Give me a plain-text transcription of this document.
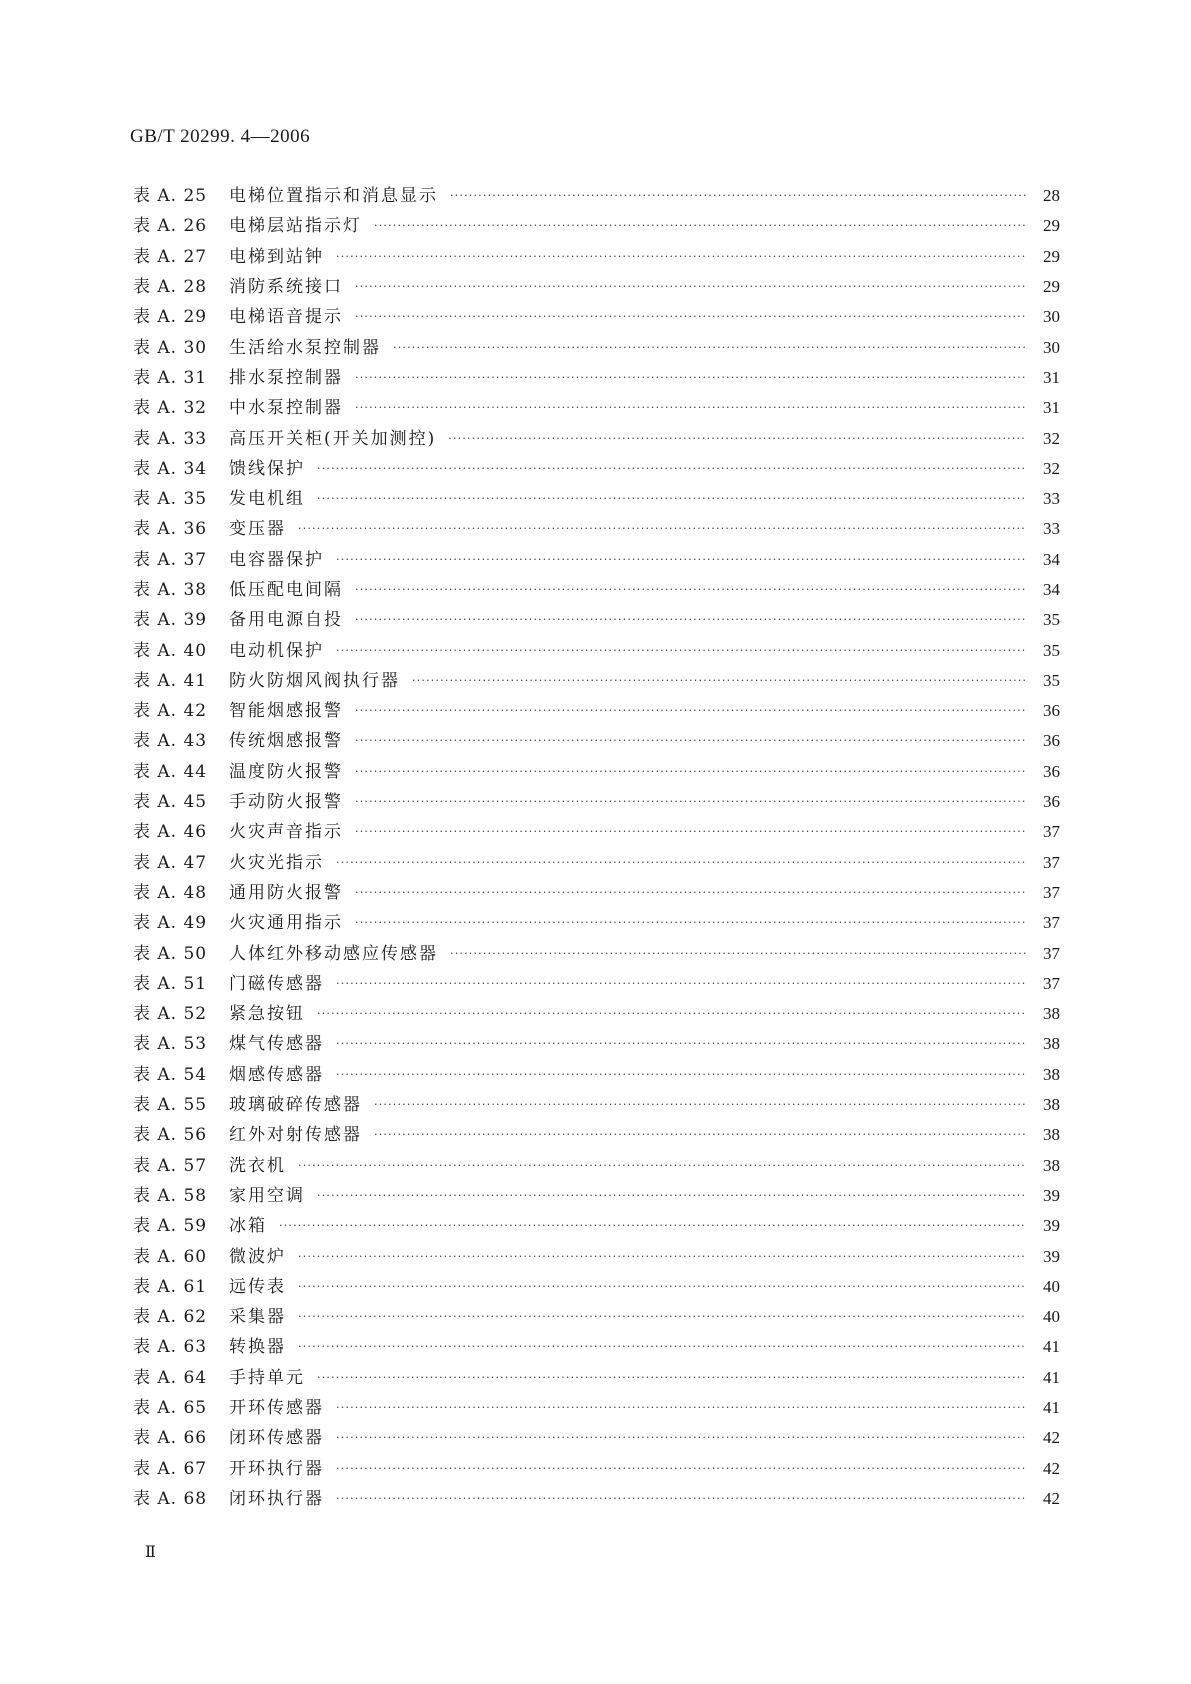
GB/T 20299. 4—2006
表 A. 25	电梯位置指示和消息显示 ·····	28
表 A. 26	电梯层站指示灯 ·····	29
表 A. 27	电梯到站钟 ·····	29
表 A. 28	消防系统接口 ·····	29
表 A. 29	电梯语音提示 ·····	30
表 A. 30	生活给水泵控制器 ·····	30
表 A. 31	排水泵控制器 ·····	31
表 A. 32	中水泵控制器 ·····	31
表 A. 33	高压开关柜(开关加测控) ·····	32
表 A. 34	馈线保护 ·····	32
表 A. 35	发电机组 ·····	33
表 A. 36	变压器 ·····	33
表 A. 37	电容器保护 ·····	34
表 A. 38	低压配电间隔 ·····	34
表 A. 39	备用电源自投 ·····	35
表 A. 40	电动机保护 ·····	35
表 A. 41	防火防烟风阀执行器 ·····	35
表 A. 42	智能烟感报警 ·····	36
表 A. 43	传统烟感报警 ·····	36
表 A. 44	温度防火报警 ·····	36
表 A. 45	手动防火报警 ·····	36
表 A. 46	火灾声音指示 ·····	37
表 A. 47	火灾光指示 ·····	37
表 A. 48	通用防火报警 ·····	37
表 A. 49	火灾通用指示 ·····	37
表 A. 50	人体红外移动感应传感器 ·····	37
表 A. 51	门磁传感器 ·····	37
表 A. 52	紧急按钮 ·····	38
表 A. 53	煤气传感器 ·····	38
表 A. 54	烟感传感器 ·····	38
表 A. 55	玻璃破碎传感器 ·····	38
表 A. 56	红外对射传感器 ·····	38
表 A. 57	洗衣机 ·····	38
表 A. 58	家用空调 ·····	39
表 A. 59	冰箱 ·····	39
表 A. 60	微波炉 ·····	39
表 A. 61	远传表 ·····	40
表 A. 62	采集器 ·····	40
表 A. 63	转换器 ·····	41
表 A. 64	手持单元 ·····	41
表 A. 65	开环传感器 ·····	41
表 A. 66	闭环传感器 ·····	42
表 A. 67	开环执行器 ·····	42
表 A. 68	闭环执行器 ·····	42
Ⅱ
